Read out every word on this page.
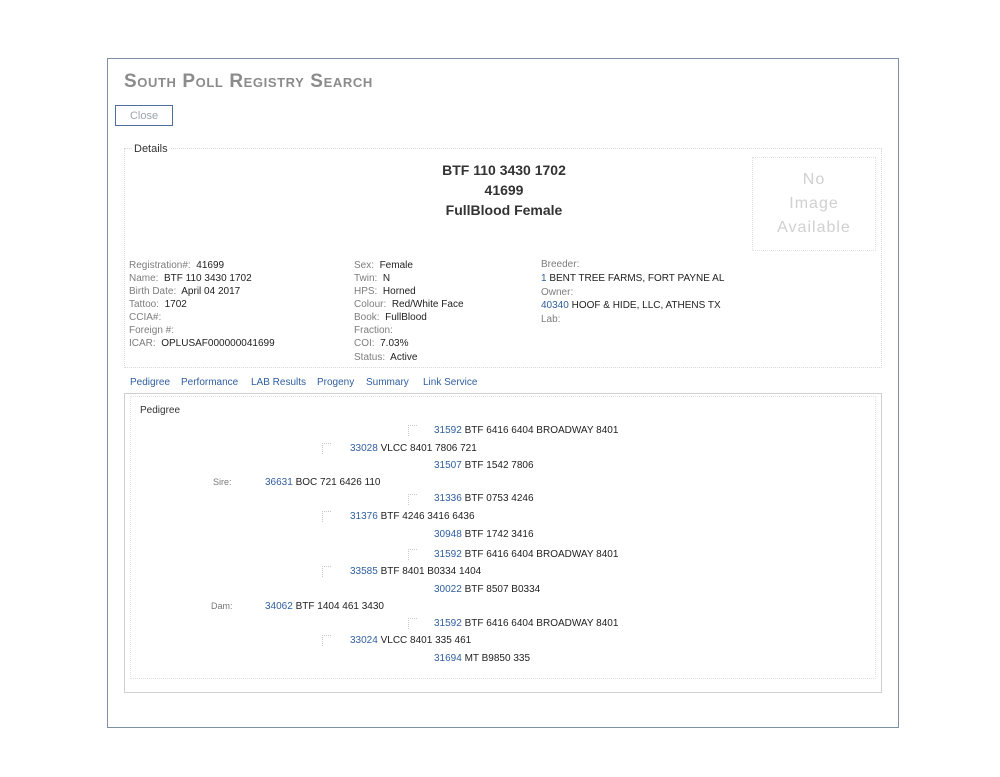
South Poll Registry Search
Close
Details
BTF 110 3430 1702
41699
FullBlood Female
No
Image
Available
Registration#: 41699
Name: BTF 110 3430 1702
Birth Date: April 04 2017
Tattoo: 1702
CCIA#:
Foreign #:
ICAR: OPLUSAF000000041699
Sex: Female
Twin: N
HPS: Horned
Colour: Red/White Face
Book: FullBlood
Fraction:
COI: 7.03%
Status: Active
Breeder:
1 BENT TREE FARMS, FORT PAYNE AL
Owner:
40340 HOOF & HIDE, LLC, ATHENS TX
Lab:
Pedigree Performance LAB Results Progeny Summary Link Service
Pedigree
Sire:
Dam:
31592 BTF 6416 6404 BROADWAY 8401
31507 BTF 1542 7806
31336 BTF 0753 4246
30948 BTF 1742 3416
31592 BTF 6416 6404 BROADWAY 8401
30022 BTF 8507 B0334
31592 BTF 6416 6404 BROADWAY 8401
31694 MT B9850 335
33028 VLCC 8401 7806 721
31376 BTF 4246 3416 6436
33585 BTF 8401 B0334 1404
33024 VLCC 8401 335 461
36631 BOC 721 6426 110
34062 BTF 1404 461 3430
